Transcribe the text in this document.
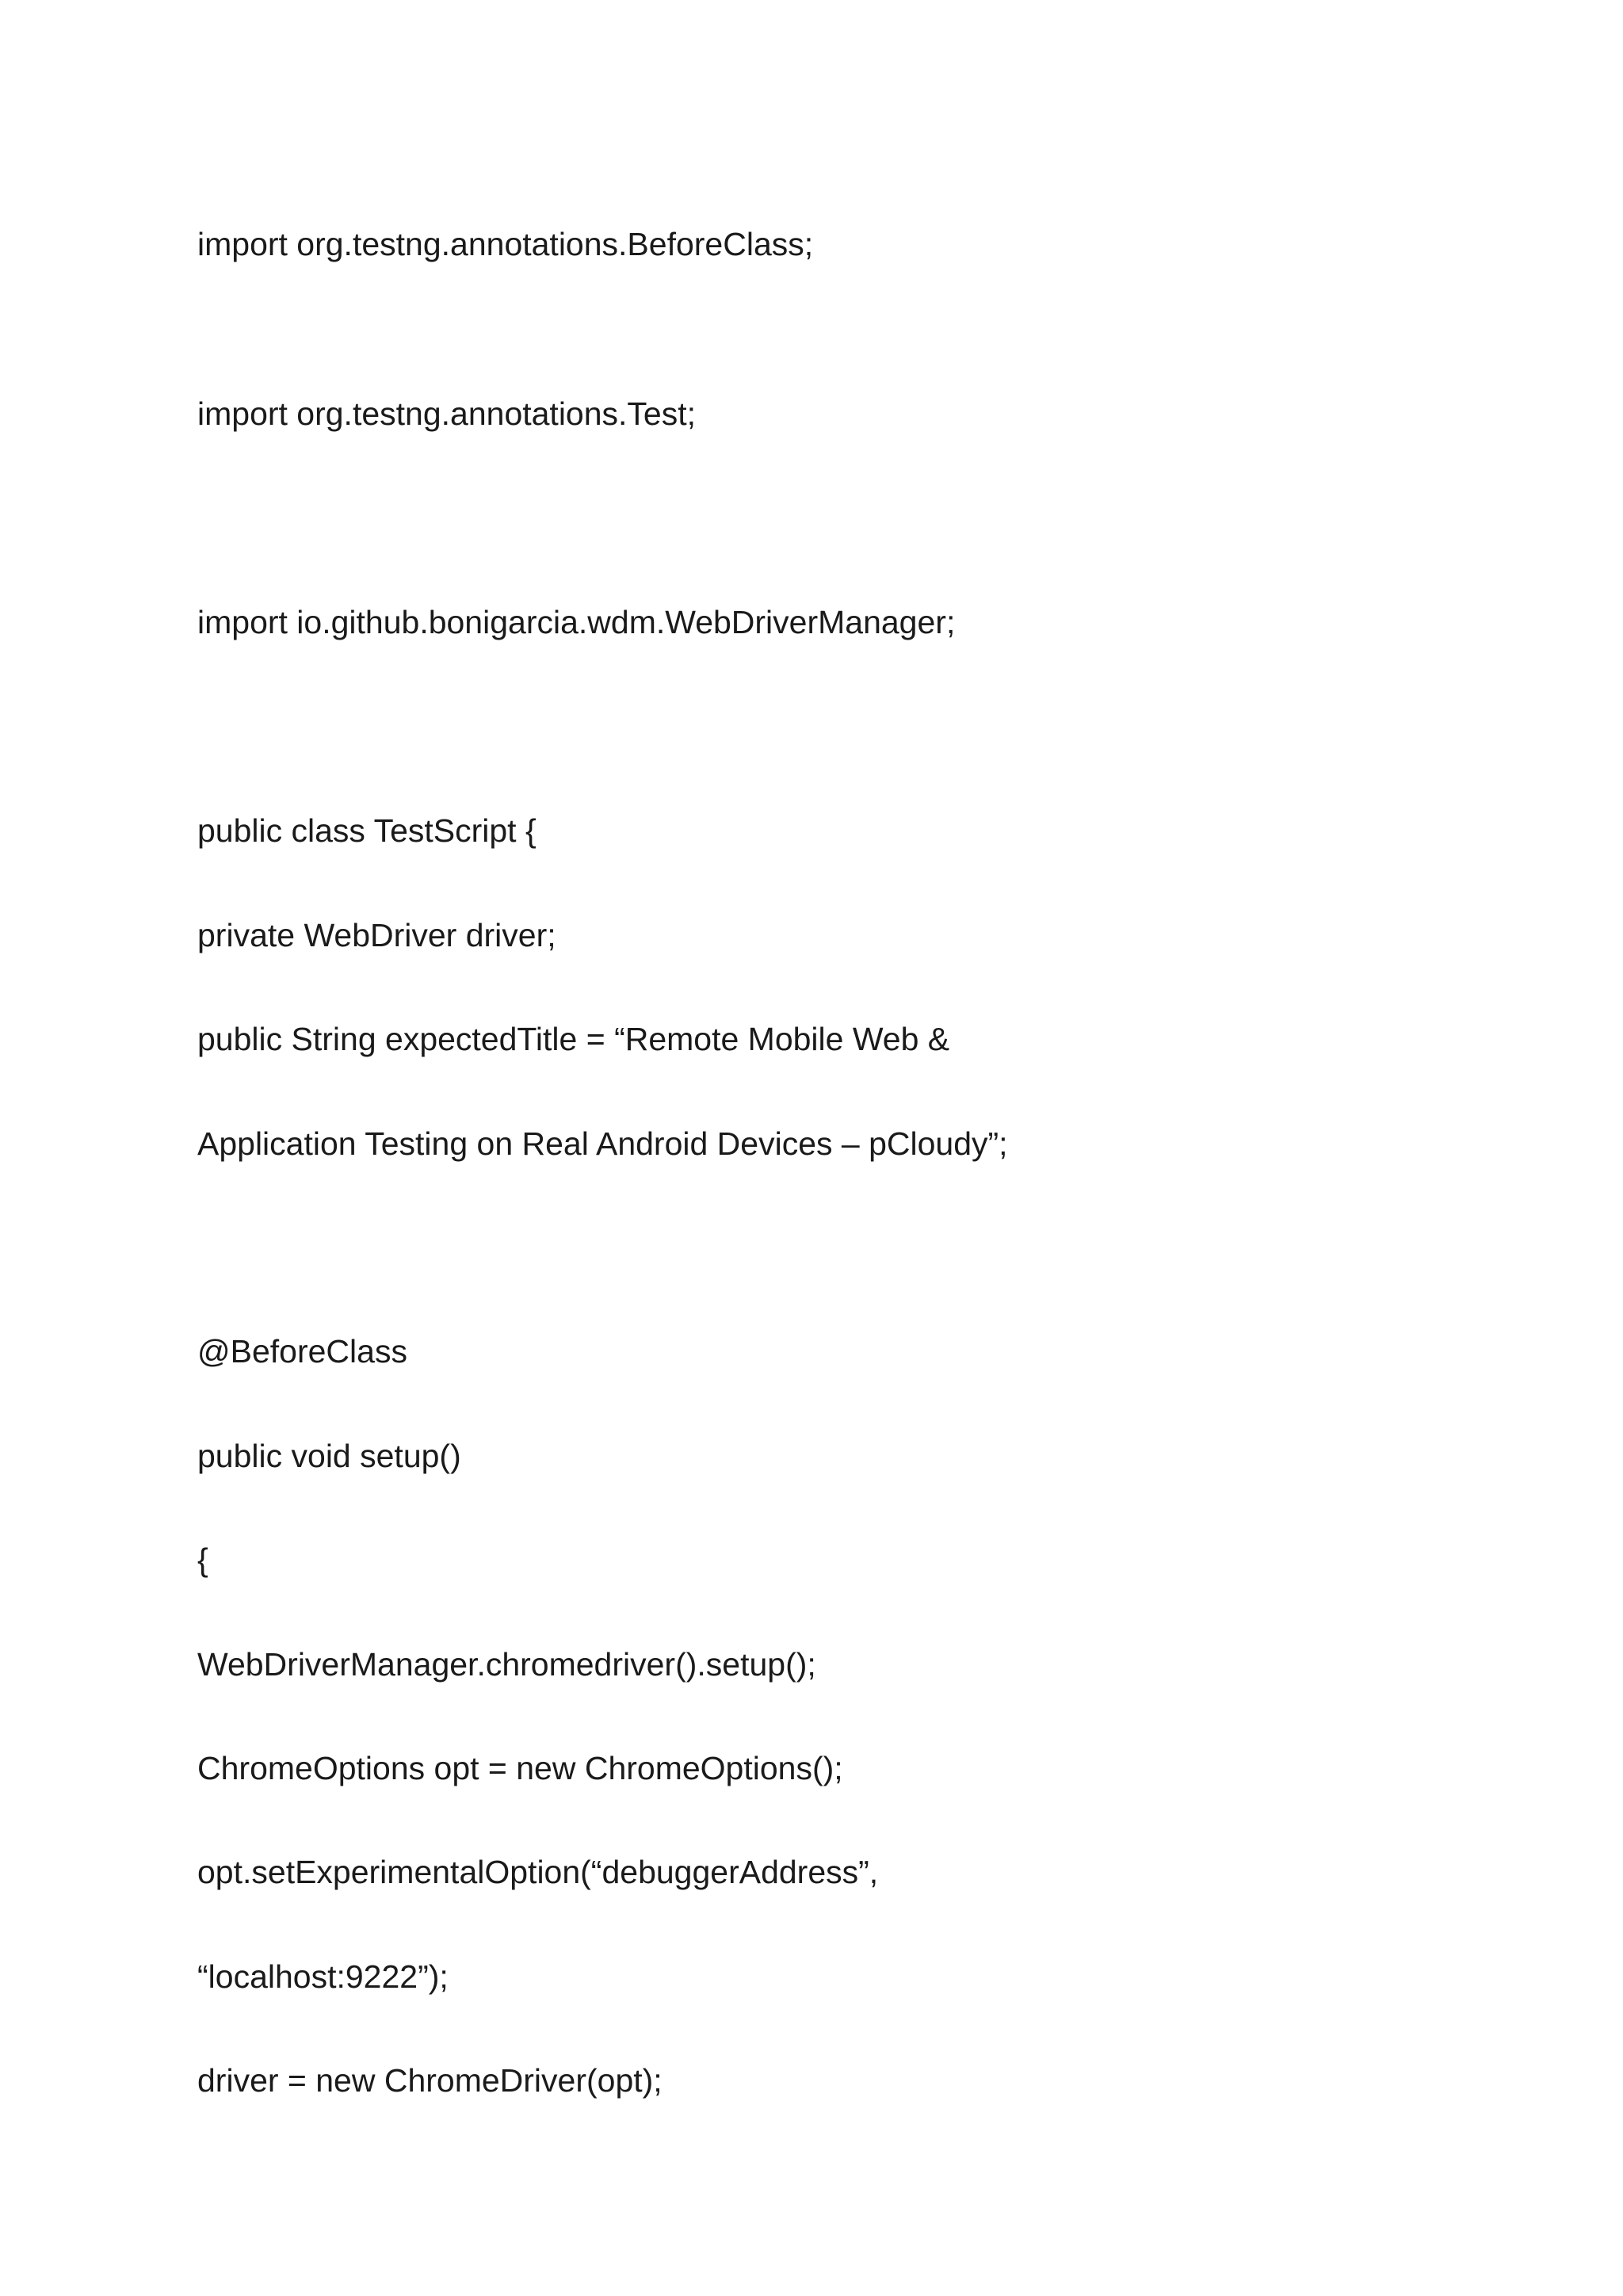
import org.testng.annotations.BeforeClass;

import org.testng.annotations.Test;

import io.github.bonigarcia.wdm.WebDriverManager;

public class TestScript {

private WebDriver driver;

public String expectedTitle = “Remote Mobile Web &

Application Testing on Real Android Devices – pCloudy”;

@BeforeClass

public void setup()

{

WebDriverManager.chromedriver().setup();

ChromeOptions opt = new ChromeOptions();

opt.setExperimentalOption(“debuggerAddress”,

“localhost:9222”);

driver = new ChromeDriver(opt);
